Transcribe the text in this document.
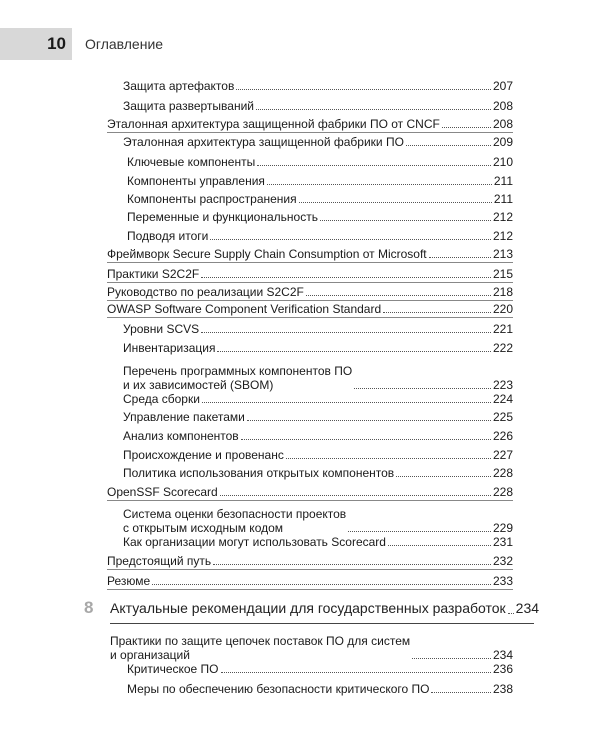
10	Оглавление
8
Защита артефактов	207
Защита развертываний	208
Эталонная архитектура защищенной фабрики ПО от CNCF	208
Эталонная архитектура защищенной фабрики ПО	209
Ключевые компоненты	210
Компоненты управления	211
Компоненты распространения	211
Переменные и функциональность	212
Подводя итоги	212
Фреймворк Secure Supply Chain Consumption от Microsoft	213
Практики S2C2F	215
Руководство по реализации S2C2F	218
OWASP Software Component Verification Standard	220
Уровни SCVS	221
Инвентаризация	222
Перечень программных компонентов ПО
и их зависимостей (SBOM)	223
Среда сборки	224
Управление пакетами	225
Анализ компонентов	226
Происхождение и провенанс	227
Политика использования открытых компонентов	228
OpenSSF Scorecard	228
Система оценки безопасности проектов
с открытым исходным кодом	229
Как организации могут использовать Scorecard	231
Предстоящий путь	232
Резюме	233
Актуальные рекомендации для государственных разработок 234
Практики по защите цепочек поставок ПО для систем
и организаций	234
Критическое ПО	236
Меры по обеспечению безопасности критического ПО	238
